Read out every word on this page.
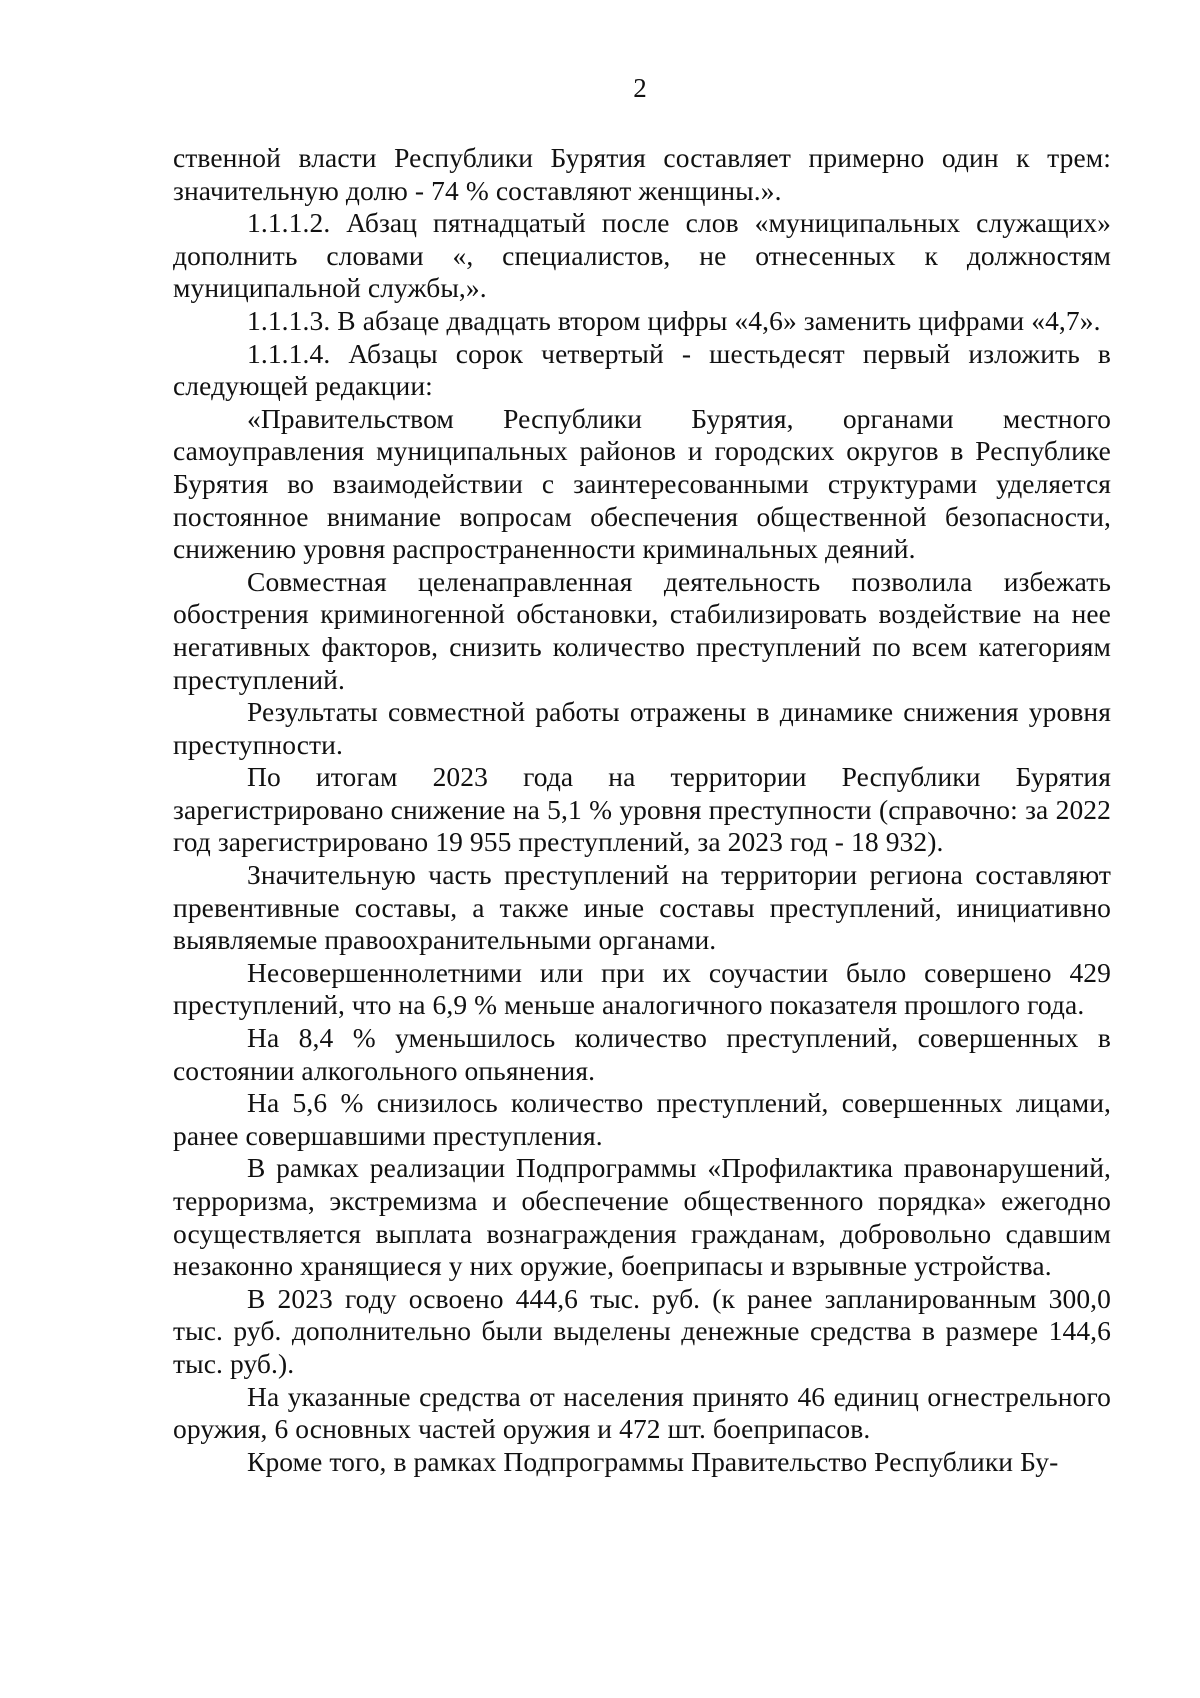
2

ственной власти Республики Бурятия составляет примерно один к трем: значительную долю - 74 % составляют женщины.».

1.1.1.2. Абзац пятнадцатый после слов «муниципальных служащих» дополнить словами «, специалистов, не отнесенных к должностям муниципальной службы,».

1.1.1.3. В абзаце двадцать втором цифры «4,6» заменить цифрами «4,7».

1.1.1.4. Абзацы сорок четвертый - шестьдесят первый изложить в следующей редакции:

«Правительством Республики Бурятия, органами местного самоуправления муниципальных районов и городских округов в Республике Бурятия во взаимодействии с заинтересованными структурами уделяется постоянное внимание вопросам обеспечения общественной безопасности, снижению уровня распространенности криминальных деяний.

Совместная целенаправленная деятельность позволила избежать обострения криминогенной обстановки, стабилизировать воздействие на нее негативных факторов, снизить количество преступлений по всем категориям преступлений.

Результаты совместной работы отражены в динамике снижения уровня преступности.

По итогам 2023 года на территории Республики Бурятия зарегистрировано снижение на 5,1 % уровня преступности (справочно: за 2022 год зарегистрировано 19 955 преступлений, за 2023 год - 18 932).

Значительную часть преступлений на территории региона составляют превентивные составы, а также иные составы преступлений, инициативно выявляемые правоохранительными органами.

Несовершеннолетними или при их соучастии было совершено 429 преступлений, что на 6,9 % меньше аналогичного показателя прошлого года.

На 8,4 % уменьшилось количество преступлений, совершенных в состоянии алкогольного опьянения.

На 5,6 % снизилось количество преступлений, совершенных лицами, ранее совершавшими преступления.

В рамках реализации Подпрограммы «Профилактика правонарушений, терроризма, экстремизма и обеспечение общественного порядка» ежегодно осуществляется выплата вознаграждения гражданам, добровольно сдавшим незаконно хранящиеся у них оружие, боеприпасы и взрывные устройства.

В 2023 году освоено 444,6 тыс. руб. (к ранее запланированным 300,0 тыс. руб. дополнительно были выделены денежные средства в размере 144,6 тыс. руб.).

На указанные средства от населения принято 46 единиц огнестрельного оружия, 6 основных частей оружия и 472 шт. боеприпасов.

Кроме того, в рамках Подпрограммы Правительство Республики Бу-
